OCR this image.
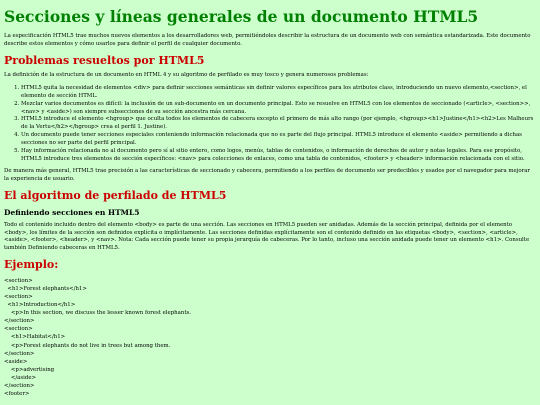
Secciones y líneas generales de un documento HTML5

La especificación HTML5 trae muchos nuevos elementos a los desarrolladores web, permitiéndoles describir la estructura de un documento web con semántica estandarizada. Este documento describe estos elementos y cómo usarlos para definir el perfil de cualquier documento.

Problemas resueltos por HTML5

La definición de la estructura de un documento en HTML 4 y su algoritmo de perfilado es muy tosco y genera numerosos problemas:

1. HTML5 quita la necesidad de elementos <div> para definir secciones semánticas sin definir valores específicos para los atributos class, introduciendo un nuevo elemento,<section>, el elemento de sección HTML.
2. Mezclar varios documentos es difícil: la inclusión de un sub-documento en un documento principal. Esto se resuelve en HTML5 con los elementos de seccionado (<article>, <section>>, <nav> y <aside>) son siempre subsecciones de su sección ancestra más cercana.
3. HTML5 introduce el elemento <hgroup> que oculta todos los elementos de cabecera excepto el primero de más alto rango (por ejemplo, <hgroup><h1>Justine</h1><h2>Les Malheurs de la Vertu</h2></hgroup> crea el perfil 1. Justine).
4. Un documento puede tener secciones especiales conteniendo información relacionada que no es parte del flujo principal. HTML5 introduce el elemento <aside> permitiendo a dichas secciones no ser parte del perfil principal.
5. Hay información relacionada no al documento pero sí al sitio entero, como logos, menús, tablas de contenidos, o información de derechos de autor y notas legales. Para ese propósito, HTML5 introduce tres elementos de sección específicos: <nav> para colecciones de enlaces, como una tabla de contenidos, <footer> y <header> información relacionada con el sitio.

De manera más general, HTML5 trae precisión a las características de seccionado y cabecera, permitiendo a los perfiles de documento ser predecibles y usados por el navegador para mejorar la experiencia de usuario.

El algoritmo de perfilado de HTML5
Definiendo secciones en HTML5

Todo el contenido incluido dentro del elemento <body> es parte de una sección. Las secciones en HTML5 pueden ser anidadas. Además de la sección principal, definida por el elemento <body>, los límites de la sección son definidos explícita o implícitamente. Las secciones definidas explícitamente son el contenido definido en las etiquetas <body>, <section>, <article>, <aside>, <footer>, <header>, y <nav>. Nota: Cada sección puede tener su propia jerarquía de cabeceras. Por lo tanto, incluso una sección anidada puede tener un elemento <h1>. Consulte también Definiendo cabeceras en HTML5.

Ejemplo:
<section>
<h1>Forest elephants</h1>
<section>
<h1>Introduction</h1>
<p>In this section, we discuss the lesser known forest elephants.
</section>
<section>
<h1>Habitat</h1>
<p>Forest elephants do not live in trees but among them.
</section>
<aside>
<p>advertising
</aside>
</section>
<footer>
